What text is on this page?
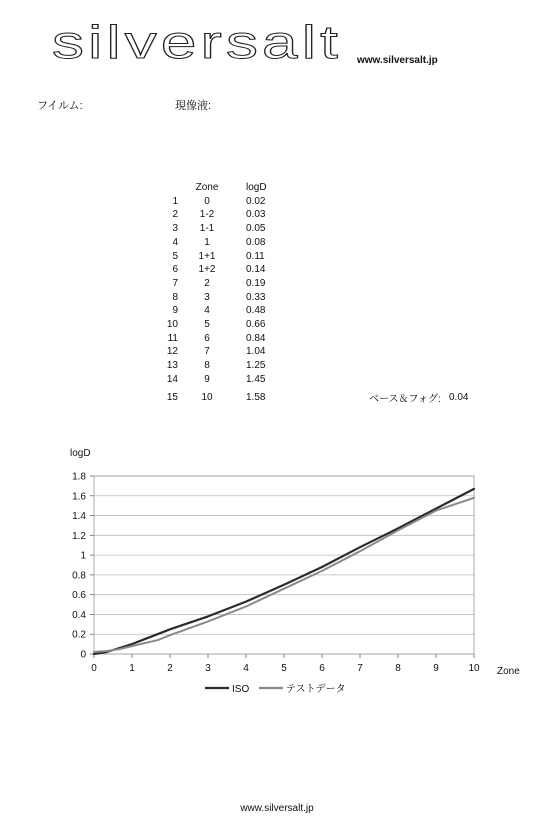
silversalt www.silversalt.jp
フイルム:	現像液:
	Zone	logD
1	0	0.02
2	1-2	0.03
3	1-1	0.05
4	1	0.08
5	1+1	0.11
6	1+2	0.14
7	2	0.19
8	3	0.33
9	4	0.48
10	5	0.66
11	6	0.84
12	7	1.04
13	8	1.25
14	9	1.45
15	10	1.58	ベース＆フォグ: 0.04
logD
Zone
0
0.2
0.4
0.6
0.8
1
1.2
1.4
1.6
1.8
0	1	2	3	4	5	6	7	8	9	10
ISO	テストデータ
www.silversalt.jp
